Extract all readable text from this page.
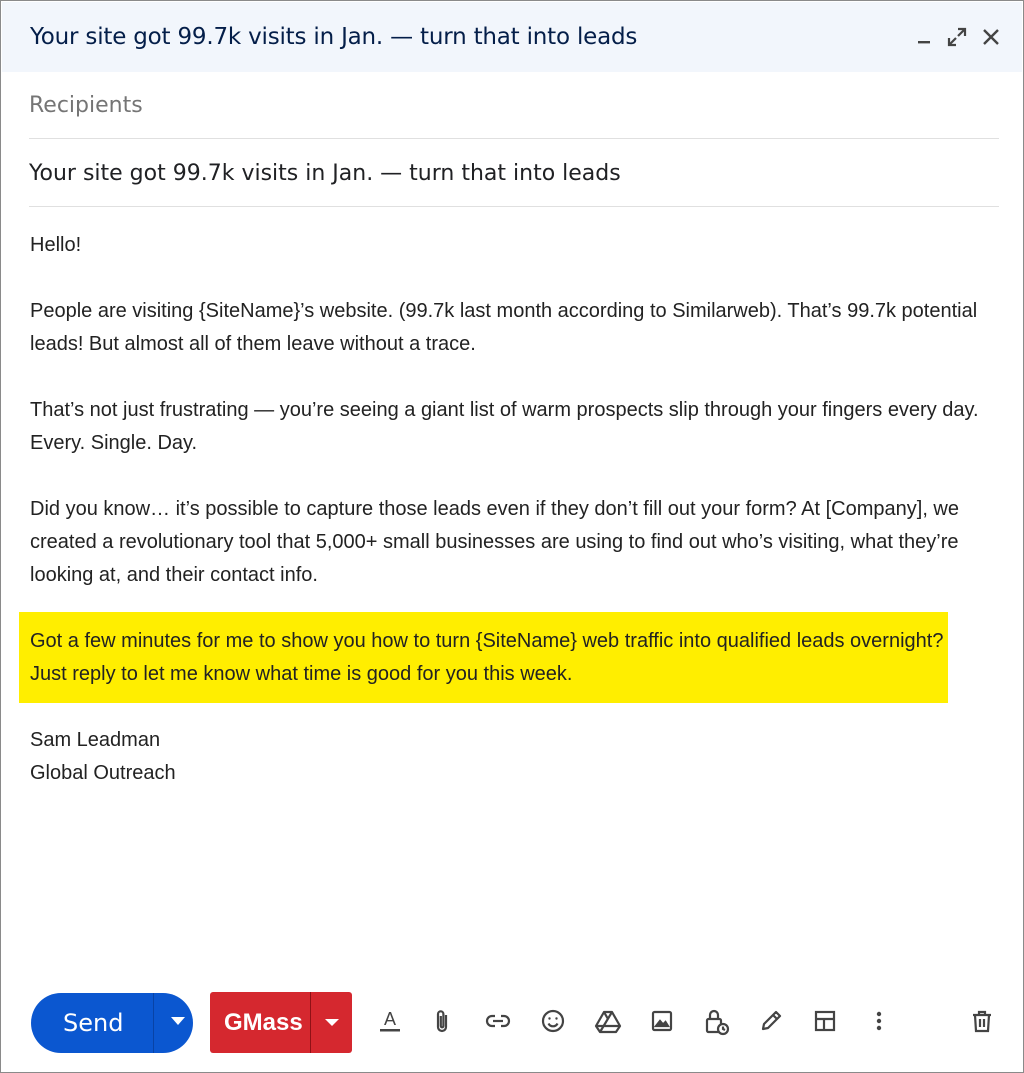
Your site got 99.7k visits in Jan. — turn that into leads
Recipients
Your site got 99.7k visits in Jan. — turn that into leads

Hello!

People are visiting {SiteName}’s website. (99.7k last month according to Similarweb). That’s 99.7k potential leads! But almost all of them leave without a trace.

That’s not just frustrating — you’re seeing a giant list of warm prospects slip through your fingers every day. Every. Single. Day.

Did you know… it’s possible to capture those leads even if they don’t fill out your form? At [Company], we created a revolutionary tool that 5,000+ small businesses are using to find out who’s visiting, what they’re looking at, and their contact info.

Got a few minutes for me to show you how to turn {SiteName} web traffic into qualified leads overnight? Just reply to let me know what time is good for you this week.
Sam Leadman
Global Outreach
Send	GMass	A
